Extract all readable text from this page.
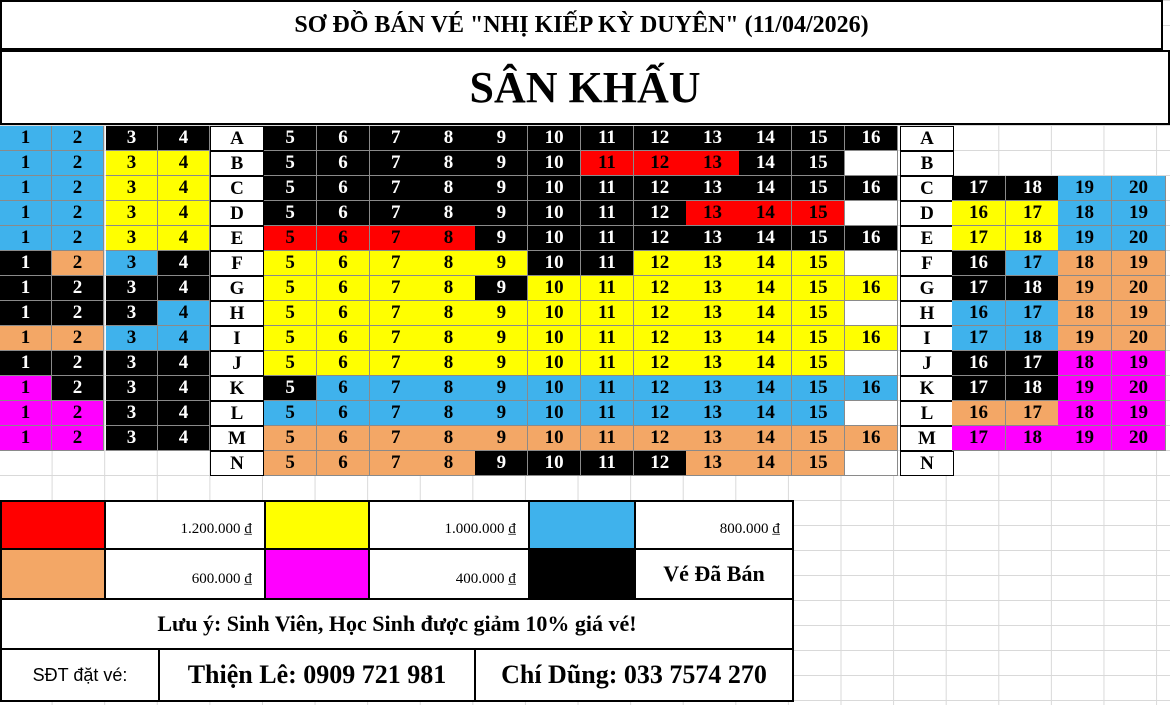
SƠ ĐỒ BÁN VÉ "NHỊ KIẾP KỲ DUYÊN" (11/04/2026)
SÂN KHẤU
1	2	3	4	A	5	6	7	8	9	10	11	12	13	14	15	16	A
1	2	3	4	B	5	6	7	8	9	10	11	12	13	14	15	B
1	2	3	4	C	5	6	7	8	9	10	11	12	13	14	15	16	C	17	18	19	20
1	2	3	4	D	5	6	7	8	9	10	11	12	13	14	15	D	16	17	18	19
1	2	3	4	E	5	6	7	8	9	10	11	12	13	14	15	16	E	17	18	19	20
1	2	3	4	F	5	6	7	8	9	10	11	12	13	14	15	F	16	17	18	19
1	2	3	4	G	5	6	7	8	9	10	11	12	13	14	15	16	G	17	18	19	20
1	2	3	4	H	5	6	7	8	9	10	11	12	13	14	15	H	16	17	18	19
1	2	3	4	I	5	6	7	8	9	10	11	12	13	14	15	16	I	17	18	19	20
1	2	3	4	J	5	6	7	8	9	10	11	12	13	14	15	J	16	17	18	19
1	2	3	4	K	5	6	7	8	9	10	11	12	13	14	15	16	K	17	18	19	20
1	2	3	4	L	5	6	7	8	9	10	11	12	13	14	15	L	16	17	18	19
1	2	3	4	M	5	6	7	8	9	10	11	12	13	14	15	16	M	17	18	19	20
N	5	6	7	8	9	10	11	12	13	14	15	N
1.200.000 ₫	1.000.000 ₫	800.000 ₫
600.000 ₫	400.000 ₫	Vé Đã Bán
Lưu ý: Sinh Viên, Học Sinh được giảm 10% giá vé!
SĐT đặt vé:	Thiện Lê: 0909 721 981	Chí Dũng: 033 7574 270
